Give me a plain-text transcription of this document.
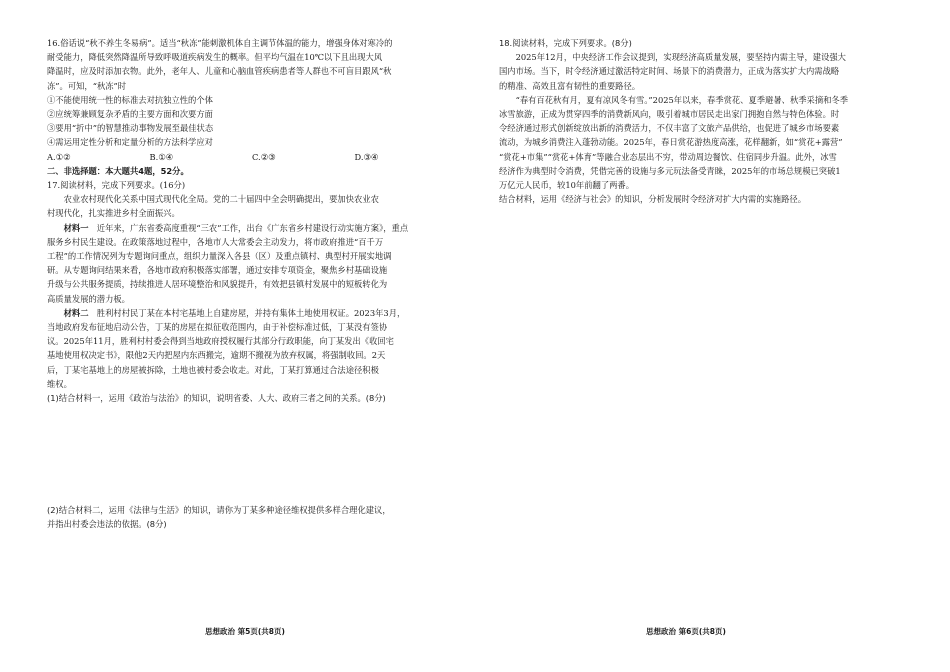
16.俗话说“秋不养生冬易病”。适当“秋冻”能刺激机体自主调节体温的能力，增强身体对寒冷的

耐受能力，降低突然降温所导致呼吸道疾病发生的概率。但平均气温在10℃以下且出现大风

降温时，应及时添加衣物。此外，老年人、儿童和心脑血管疾病患者等人群也不可盲目跟风“秋

冻”。可知，“秋冻”时

①不能使用统一性的标准去对抗独立性的个体

②应统筹兼顾复杂矛盾的主要方面和次要方面

③要用“折中”的智慧推动事物发展至最佳状态

④需运用定性分析和定量分析的方法科学应对

A.①②	B.①④	C.②③	D.③④

二、非选择题：本大题共4题，52分。

17.阅读材料，完成下列要求。(16分)

农业农村现代化关系中国式现代化全局。党的二十届四中全会明确提出，要加快农业农

村现代化，扎实推进乡村全面振兴。

材料一  近年来，广东省委高度重视“三农”工作，出台《广东省乡村建设行动实施方案》，重点

服务乡村民生建设。在政策落地过程中，各地市人大常委会主动发力，将市政府推进“百千万

工程”的工作情况列为专题询问重点，组织力量深入各县（区）及重点镇村、典型村开展实地调

研。从专题询问结果来看，各地市政府积极落实部署，通过安排专项资金，聚焦乡村基础设施

升级与公共服务提质，持续推进人居环境整治和风貌提升，有效把县镇村发展中的短板转化为

高质量发展的潜力板。

材料二  胜利村村民丁某在本村宅基地上自建房屋，并持有集体土地使用权证。2023年3月，

当地政府发布征地启动公告，丁某的房屋在拟征收范围内，由于补偿标准过低，丁某没有签协

议。2025年11月，胜利村村委会得到当地政府授权履行其部分行政职能，向丁某发出《收回宅

基地使用权决定书》，限他2天内把屋内东西搬完，逾期不搬视为放弃权属，将强制收回。2天

后，丁某宅基地上的房屋被拆除，土地也被村委会收走。对此，丁某打算通过合法途径积极

维权。

(1)结合材料一，运用《政治与法治》的知识，说明省委、人大、政府三者之间的关系。(8分)

(2)结合材料二，运用《法律与生活》的知识，请你为丁某多种途径维权提供多样合理化建议，

并指出村委会违法的依据。(8分)

思想政治 第5页(共8页)

18.阅读材料，完成下列要求。(8分)

2025年12月，中央经济工作会议提到，实现经济高质量发展，要坚持内需主导，建设强大

国内市场。当下，时令经济通过激活特定时间、场景下的消费潜力，正成为落实扩大内需战略

的精准、高效且富有韧性的重要路径。

“春有百花秋有月，夏有凉风冬有雪。”2025年以来，春季赏花、夏季避暑、秋季采摘和冬季

冰雪旅游，正成为贯穿四季的消费新风向，吸引着城市居民走出家门拥抱自然与特色体验。时

令经济通过形式创新绽放出新的消费活力，不仅丰富了文旅产品供给，也促进了城乡市场要素

流动，为城乡消费注入蓬勃动能。2025年，春日赏花游热度高涨，花样翻新，如“赏花+露营”

“赏花+市集”“赏花+体育”等融合业态层出不穷，带动周边餐饮、住宿同步升温。此外，冰雪

经济作为典型时令消费，凭借完善的设施与多元玩法备受青睐，2025年的市场总规模已突破1

万亿元人民币，较10年前翻了两番。

结合材料，运用《经济与社会》的知识，分析发展时令经济对扩大内需的实施路径。

思想政治 第6页(共8页)
